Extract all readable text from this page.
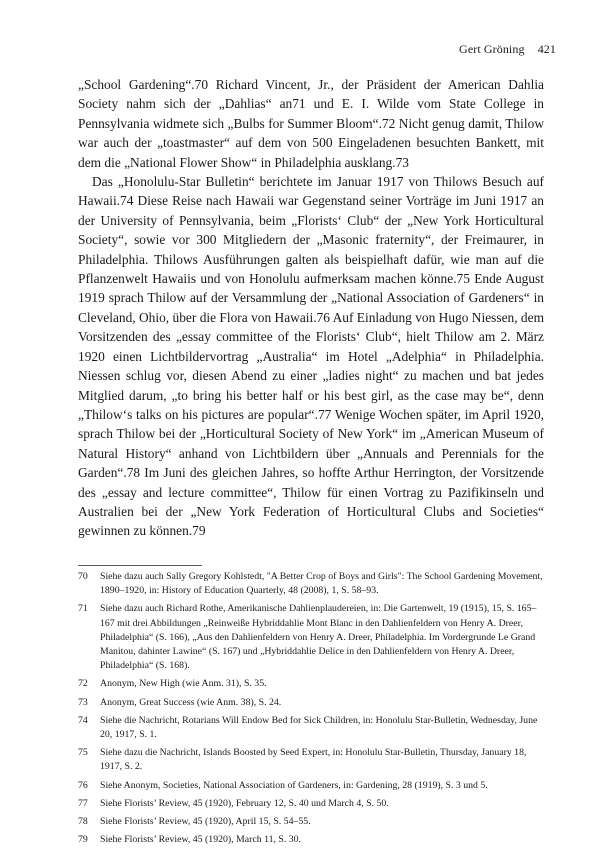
Gert Gröning 421

„School Gardening“.70 Richard Vincent, Jr., der Präsident der American Dahlia Society nahm sich der „Dahlias“ an71 und E. I. Wilde vom State College in Pennsylvania widmete sich „Bulbs for Summer Bloom“.72 Nicht genug damit, Thilow war auch der „toastmaster“ auf dem von 500 Eingeladenen besuchten Bankett, mit dem die „National Flower Show“ in Philadelphia ausklang.73

Das „Honolulu-Star Bulletin“ berichtete im Januar 1917 von Thilows Besuch auf Hawaii.74 Diese Reise nach Hawaii war Gegenstand seiner Vorträge im Juni 1917 an der University of Pennsylvania, beim „Florists‘ Club“ der „New York Horticultural Society“, sowie vor 300 Mitgliedern der „Masonic fraternity“, der Freimaurer, in Philadelphia. Thilows Ausführungen galten als beispielhaft dafür, wie man auf die Pflanzenwelt Hawaiis und von Honolulu aufmerksam machen könne.75 Ende August 1919 sprach Thilow auf der Versammlung der „National Association of Gardeners“ in Cleveland, Ohio, über die Flora von Hawaii.76 Auf Einladung von Hugo Niessen, dem Vorsitzenden des „essay committee of the Florists‘ Club“, hielt Thilow am 2. März 1920 einen Lichtbildervortrag „Australia“ im Hotel „Adelphia“ in Philadelphia. Niessen schlug vor, diesen Abend zu einer „ladies night“ zu machen und bat jedes Mitglied darum, „to bring his better half or his best girl, as the case may be“, denn „Thilow‘s talks on his pictures are popular“.77 Wenige Wochen später, im April 1920, sprach Thilow bei der „Horticultural Society of New York“ im „American Museum of Natural History“ anhand von Lichtbildern über „Annuals and Perennials for the Garden“.78 Im Juni des gleichen Jahres, so hoffte Arthur Herrington, der Vorsitzende des „essay and lecture committee“, Thilow für einen Vortrag zu Pazifikinseln und Australien bei der „New York Federation of Horticultural Clubs and Societies“ gewinnen zu können.79

70 Siehe dazu auch Sally Gregory Kohlstedt, "A Better Crop of Boys and Girls": The School Gardening Movement, 1890–1920, in: History of Education Quarterly, 48 (2008), 1, S. 58–93.
71 Siehe dazu auch Richard Rothe, Amerikanische Dahlienplaudereien, in: Die Gartenwelt, 19 (1915), 15, S. 165–167 mit drei Abbildungen „Reinweiße Hybriddahlie Mont Blanc in den Dahlienfeldern von Henry A. Dreer, Philadelphia“ (S. 166), „Aus den Dahlienfeldern von Henry A. Dreer, Philadelphia. Im Vordergrunde Le Grand Manitou, dahinter Lawine“ (S. 167) und „Hybriddahlie Delice in den Dahlienfeldern von Henry A. Dreer, Philadelphia“ (S. 168).
72 Anonym, New High (wie Anm. 31), S. 35.
73 Anonym, Great Success (wie Anm. 38), S. 24.
74 Siehe die Nachricht, Rotarians Will Endow Bed for Sick Children, in: Honolulu Star-Bulletin, Wednesday, June 20, 1917, S. 1.
75 Siehe dazu die Nachricht, Islands Boosted by Seed Expert, in: Honolulu Star-Bulletin, Thursday, January 18, 1917, S. 2.
76 Siehe Anonym, Societies, National Association of Gardeners, in: Gardening, 28 (1919), S. 3 und 5.
77 Siehe Florists’ Review, 45 (1920), February 12, S. 40 und March 4, S. 50.
78 Siehe Florists’ Review, 45 (1920), April 15, S. 54–55.
79 Siehe Florists’ Review, 45 (1920), March 11, S. 30.
